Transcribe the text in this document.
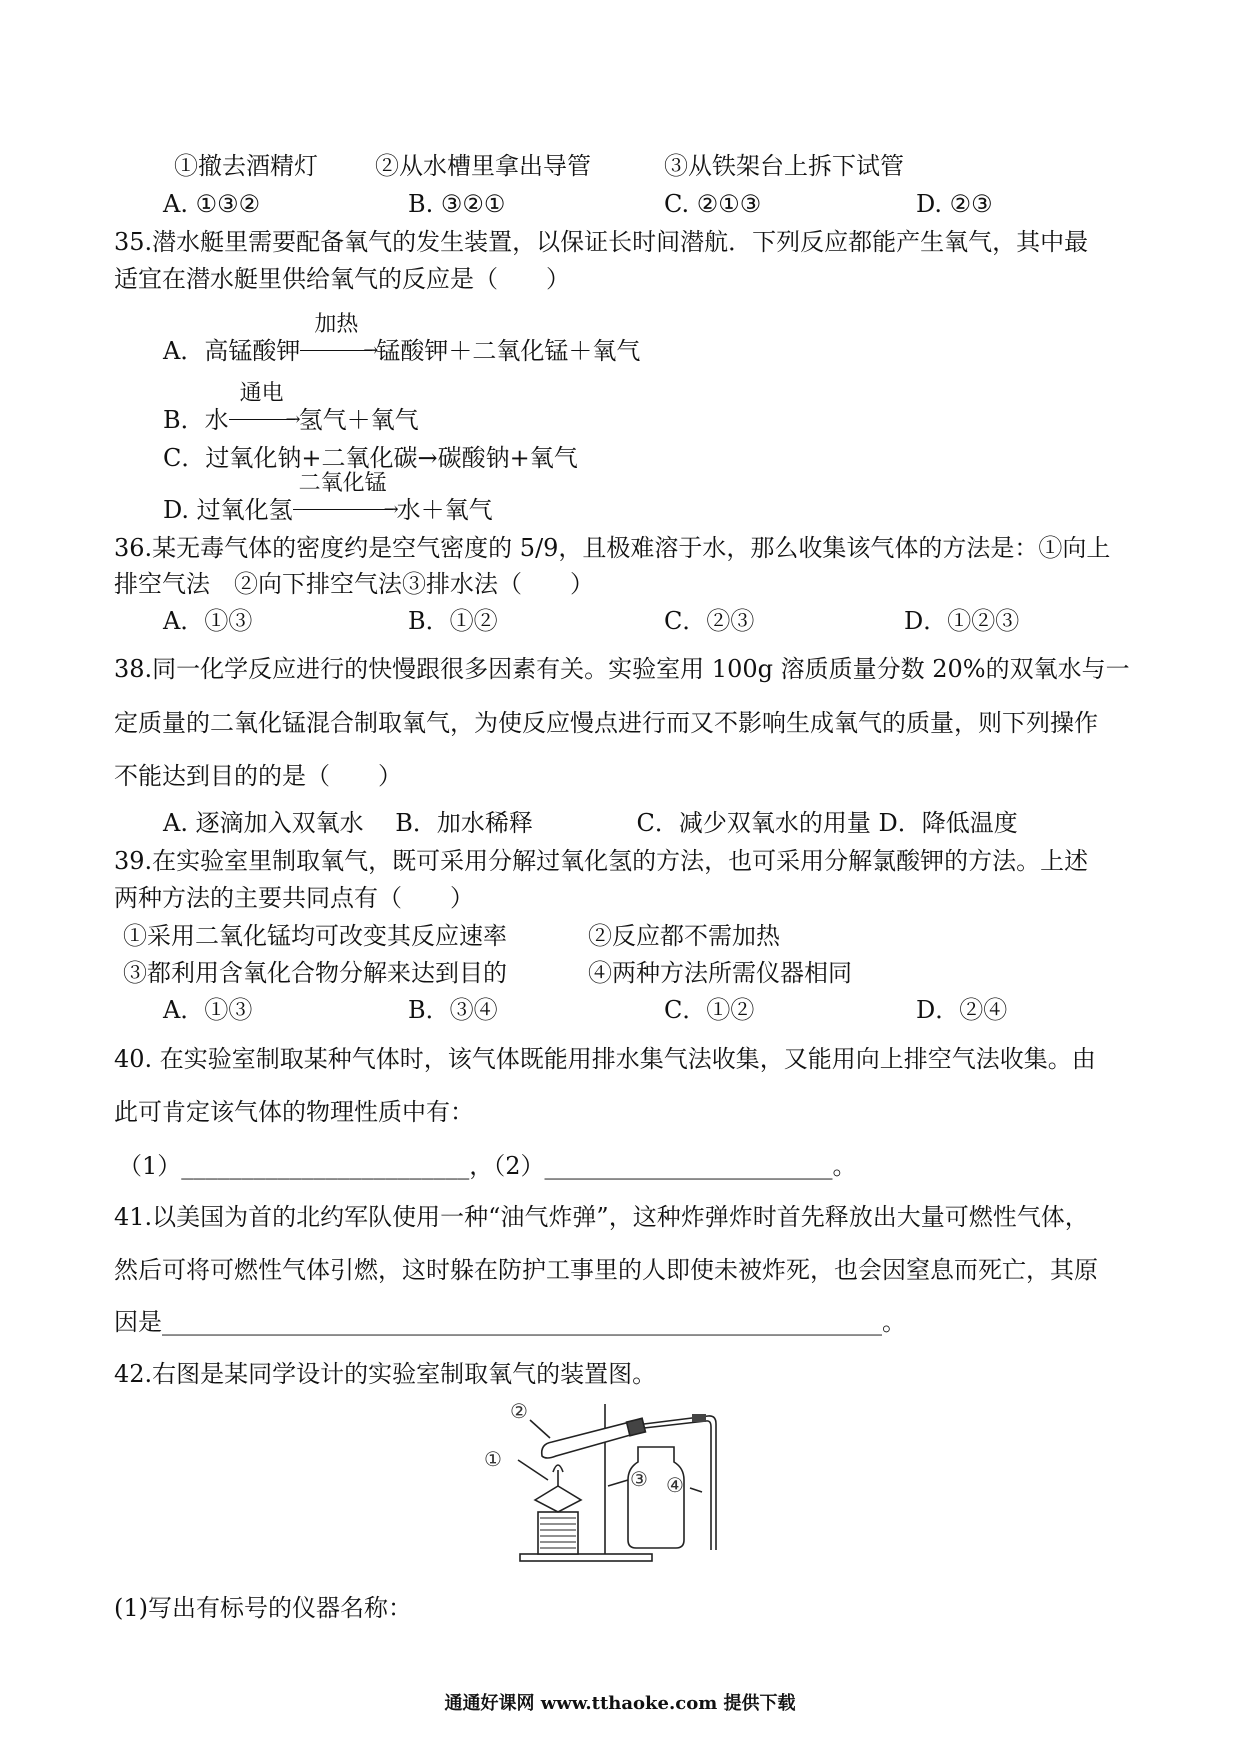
①撤去酒精灯 ②从水槽里拿出导管	③从铁架台上拆下试管
A. ①③②	B. ③②①	C. ②①③	D. ②③
35.潜水艇里需要配备氧气的发生装置，以保证长时间潜航．下列反应都能产生氧气，其中最
适宜在潜水艇里供给氧气的反应是（　　）
A．高锰酸钾
加热
→
锰酸钾＋二氧化锰＋氧气
B．水
通电
→
氢气＋氧气
C．过氧化钠+二氧化碳→碳酸钠+氧气
D. 过氧化氢
二氧化锰
→
水＋氧气
36.某无毒气体的密度约是空气密度的 5/9，且极难溶于水，那么收集该气体的方法是：①向上
排空气法　②向下排空气法③排水法（　　）
A．①③	B．①②	C．②③	D．①②③
38.同一化学反应进行的快慢跟很多因素有关。实验室用 100g 溶质质量分数 20%的双氧水与一
定质量的二氧化锰混合制取氧气，为使反应慢点进行而又不影响生成氧气的质量，则下列操作
不能达到目的的是（　　）
A. 逐滴加入双氧水　 B．加水稀释　　　　 C．减少双氧水的用量 D．降低温度
39.在实验室里制取氧气，既可采用分解过氧化氢的方法，也可采用分解氯酸钾的方法。上述
两种方法的主要共同点有（　　）
①采用二氧化锰均可改变其反应速率	②反应都不需加热
③都利用含氧化合物分解来达到目的	④两种方法所需仪器相同
A．①③	B．③④	C．①②	D．②④
40. 在实验室制取某种气体时，该气体既能用排水集气法收集，又能用向上排空气法收集。由
此可肯定该气体的物理性质中有：
（1）________________________，（2）________________________。
41.以美国为首的北约军队使用一种“油气炸弹”，这种炸弹炸时首先释放出大量可燃性气体，
然后可将可燃性气体引燃，这时躲在防护工事里的人即使未被炸死，也会因窒息而死亡，其原
因是____________________________________________________________。
42.右图是某同学设计的实验室制取氧气的装置图。
②
①
③ ④
(1)写出有标号的仪器名称：
通通好课网 www.tthaoke.com 提供下载
